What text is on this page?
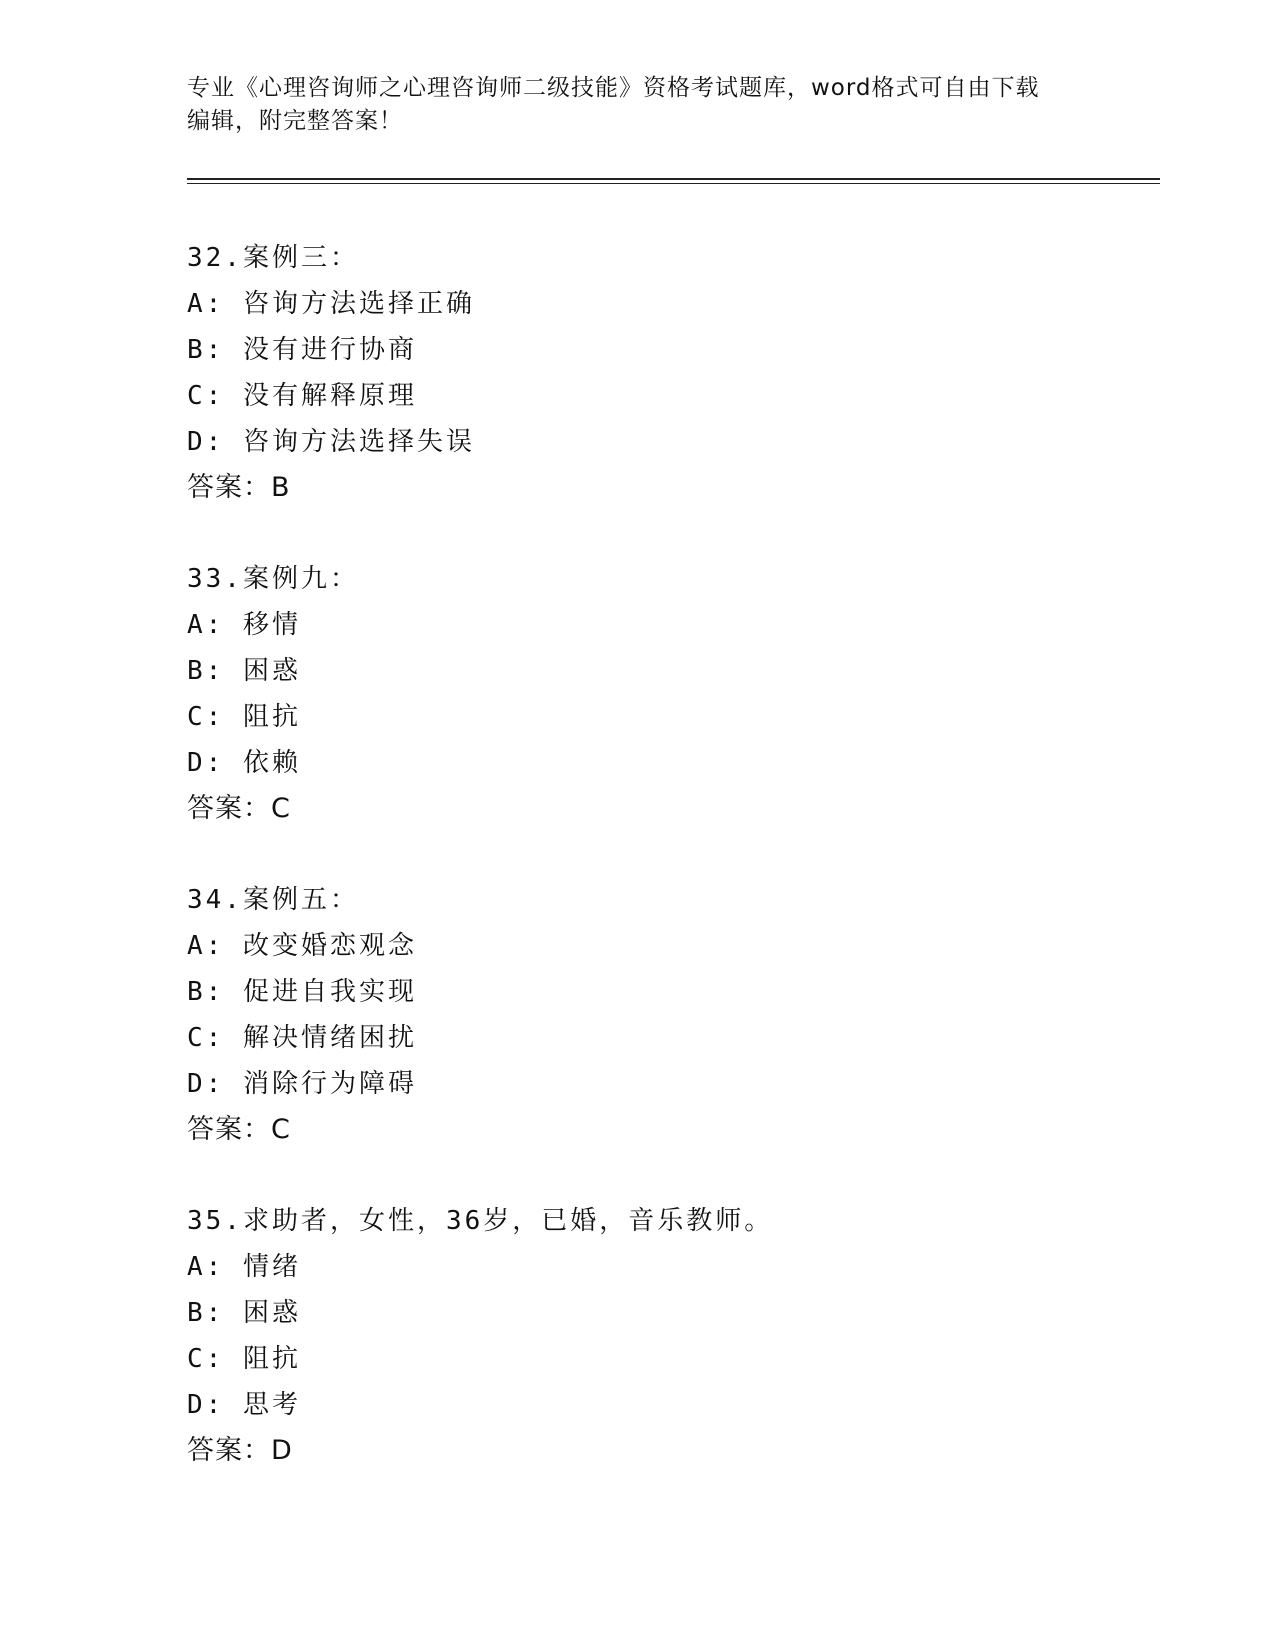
专业《心理咨询师之心理咨询师二级技能》资格考试题库，word格式可自由下载
编辑，附完整答案！
32.案例三：
A: 咨询方法选择正确
B: 没有进行协商
C: 没有解释原理
D: 咨询方法选择失误
答案：B
33.案例九：
A: 移情
B: 困惑
C: 阻抗
D: 依赖
答案：C
34.案例五：
A: 改变婚恋观念
B: 促进自我实现
C: 解决情绪困扰
D: 消除行为障碍
答案：C
35.求助者，女性，36岁，已婚，音乐教师。
A: 情绪
B: 困惑
C: 阻抗
D: 思考
答案：D
